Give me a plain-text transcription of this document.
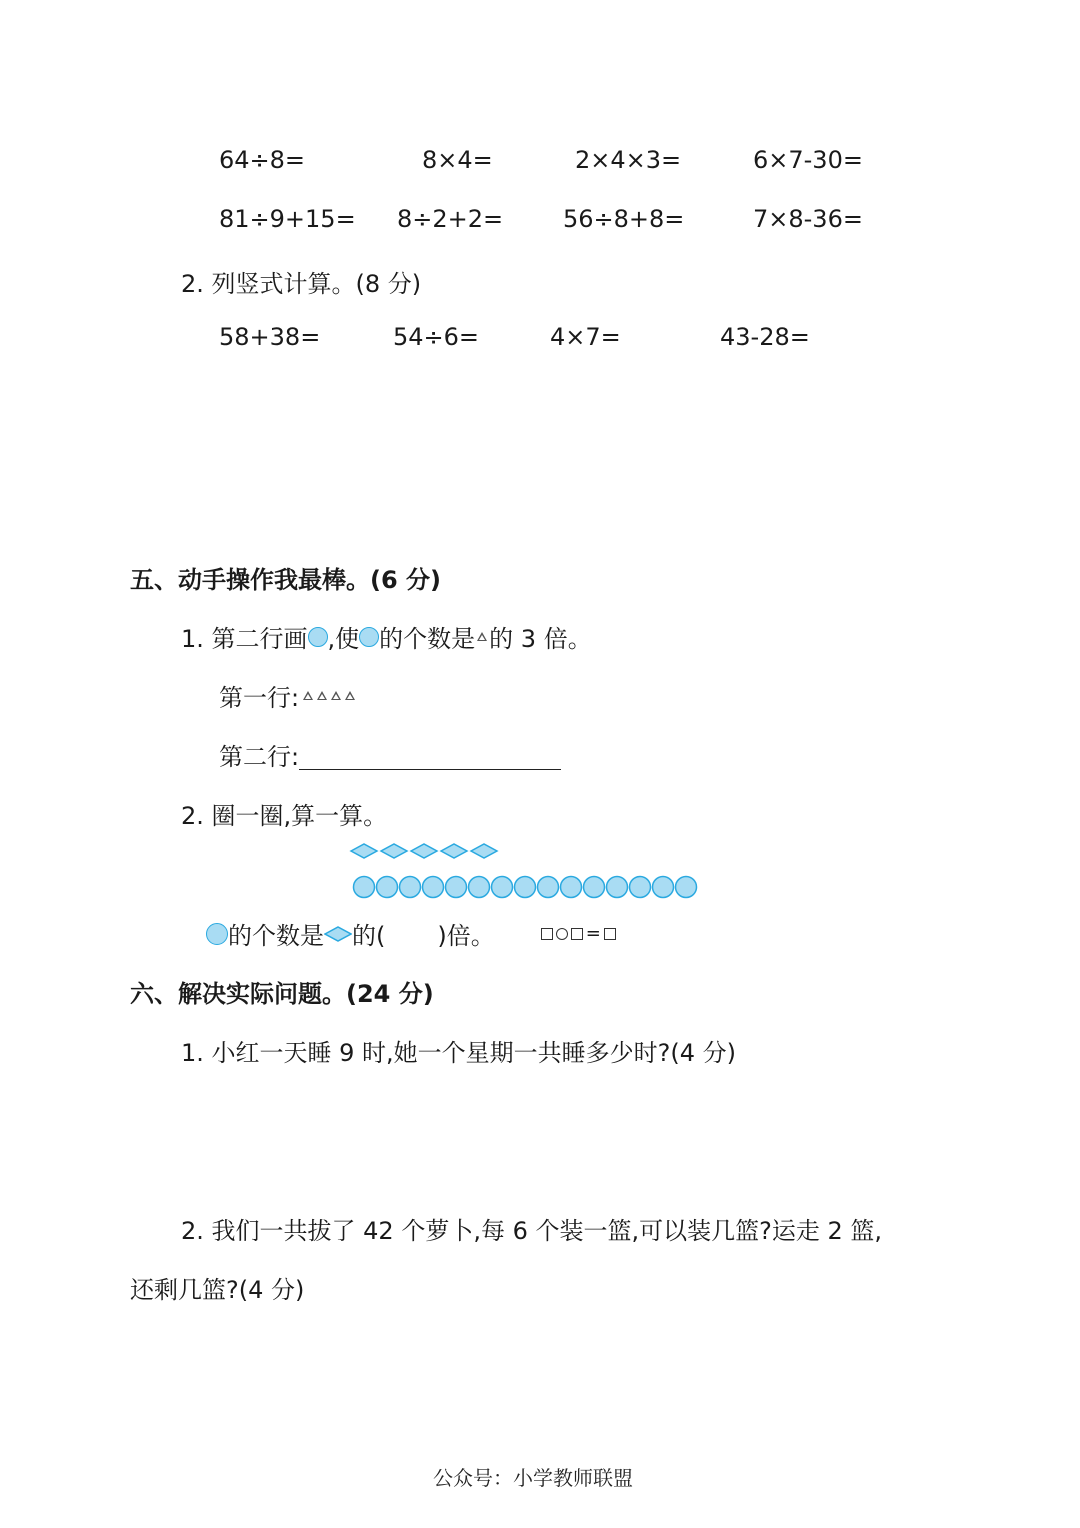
64÷8=	8×4=	2×4×3=	6×7-30=
81÷9+15= 8÷2+2= 56÷8+8=	7×8-36=
2. 列竖式计算。(8 分)
58+38=	54÷6=	4×7=	43-28=
五、动手操作我最棒。(6 分)
1. 第二行画 ,使 的个数是 的 3 倍。
第一行:
第二行:
2. 圈一圈,算一算。
的个数是 的( )倍。	=
六、解决实际问题。(24 分)
1. 小红一天睡 9 时,她一个星期一共睡多少时?(4 分)
2. 我们一共拔了 42 个萝卜,每 6 个装一篮,可以装几篮?运走 2 篮,
还剩几篮?(4 分)
公众号：小学教师联盟
